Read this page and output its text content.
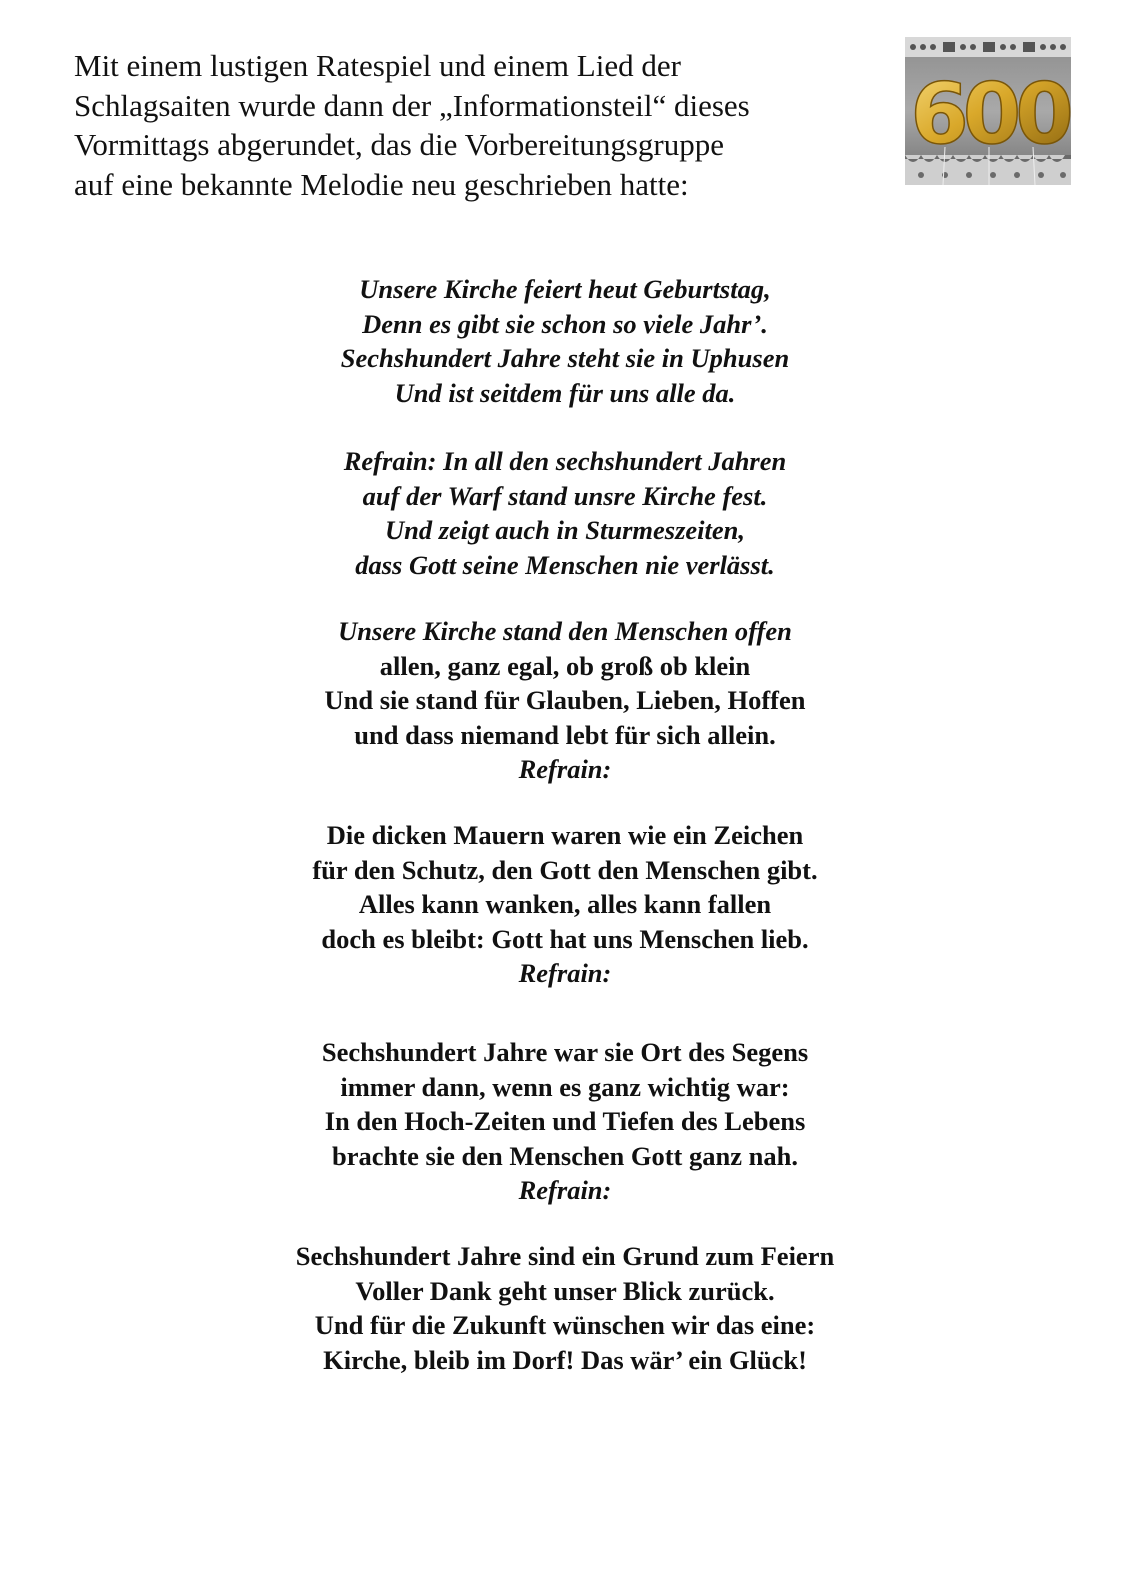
Mit einem lustigen Ratespiel und einem Lied der
Schlagsaiten wurde dann der „Informationsteil“ dieses
Vormittags abgerundet, das die Vorbereitungsgruppe
auf eine bekannte Melodie neu geschrieben hatte:
600
Unsere Kirche feiert heut Geburtstag,
Denn es gibt sie schon so viele Jahr’.
Sechshundert Jahre steht sie in Uphusen
Und ist seitdem für uns alle da.
Refrain: In all den sechshundert Jahren
auf der Warf stand unsre Kirche fest.
Und zeigt auch in Sturmeszeiten,
dass Gott seine Menschen nie verlässt.
Unsere Kirche stand den Menschen offen
allen, ganz egal, ob groß ob klein
Und sie stand für Glauben, Lieben, Hoffen
und dass niemand lebt für sich allein.
Refrain:
Die dicken Mauern waren wie ein Zeichen
für den Schutz, den Gott den Menschen gibt.
Alles kann wanken, alles kann fallen
doch es bleibt: Gott hat uns Menschen lieb.
Refrain:
Sechshundert Jahre war sie Ort des Segens
immer dann, wenn es ganz wichtig war:
In den Hoch-Zeiten und Tiefen des Lebens
brachte sie den Menschen Gott ganz nah.
Refrain:
Sechshundert Jahre sind ein Grund zum Feiern
Voller Dank geht unser Blick zurück.
Und für die Zukunft wünschen wir das eine:
Kirche, bleib im Dorf! Das wär’ ein Glück!
